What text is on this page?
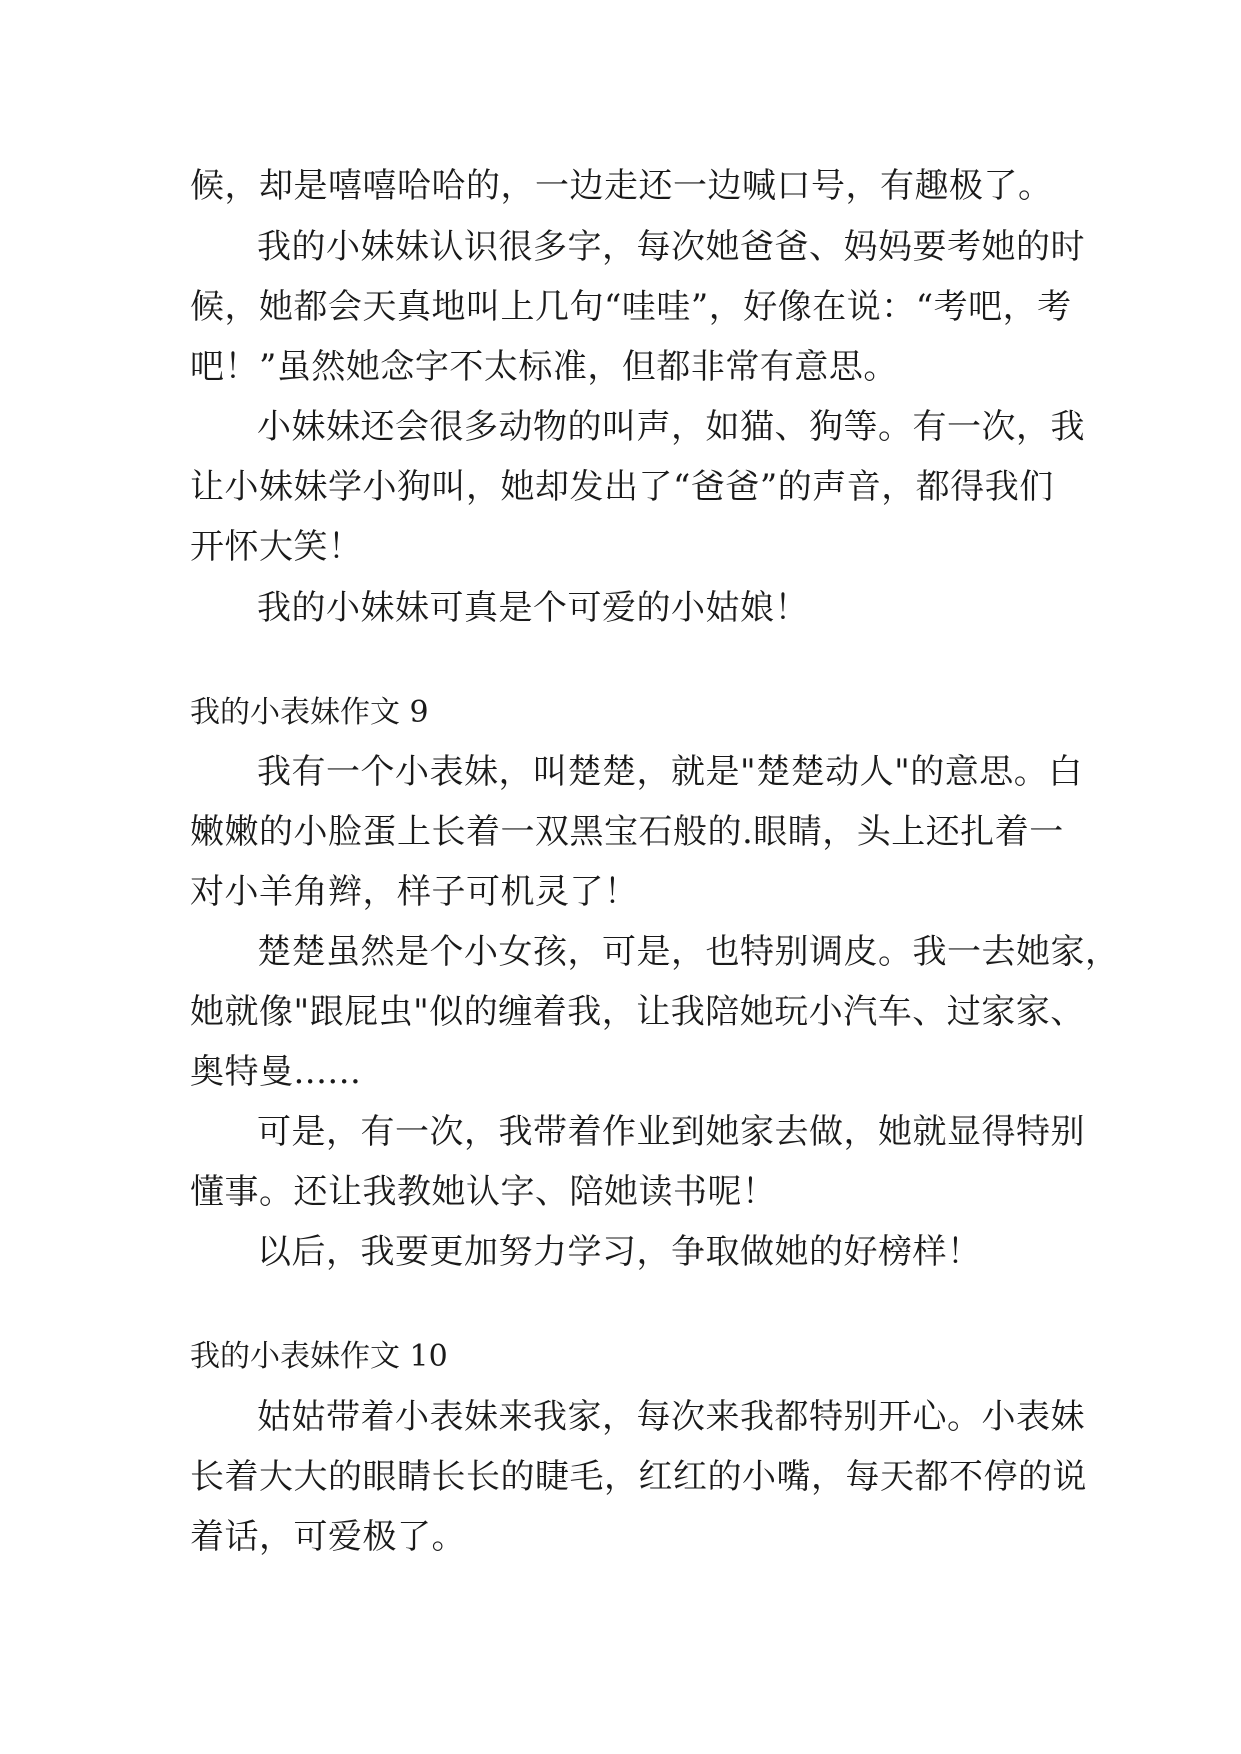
候，却是嘻嘻哈哈的，一边走还一边喊口号，有趣极了。
我的小妹妹认识很多字，每次她爸爸、妈妈要考她的时
候，她都会天真地叫上几句“哇哇”，好像在说：“考吧，考
吧！”虽然她念字不太标准，但都非常有意思。
小妹妹还会很多动物的叫声，如猫、狗等。有一次，我
让小妹妹学小狗叫，她却发出了“爸爸”的声音，都得我们
开怀大笑！
我的小妹妹可真是个可爱的小姑娘！
我的小表妹作文 9
我有一个小表妹，叫楚楚，就是"楚楚动人"的意思。白
嫩嫩的小脸蛋上长着一双黑宝石般的.眼睛，头上还扎着一
对小羊角辫，样子可机灵了！
楚楚虽然是个小女孩，可是，也特别调皮。我一去她家，
她就像"跟屁虫"似的缠着我，让我陪她玩小汽车、过家家、
奥特曼......
可是，有一次，我带着作业到她家去做，她就显得特别
懂事。还让我教她认字、陪她读书呢！
以后，我要更加努力学习，争取做她的好榜样！
我的小表妹作文 10
姑姑带着小表妹来我家，每次来我都特别开心。小表妹
长着大大的眼睛长长的睫毛，红红的小嘴，每天都不停的说
着话，可爱极了。
